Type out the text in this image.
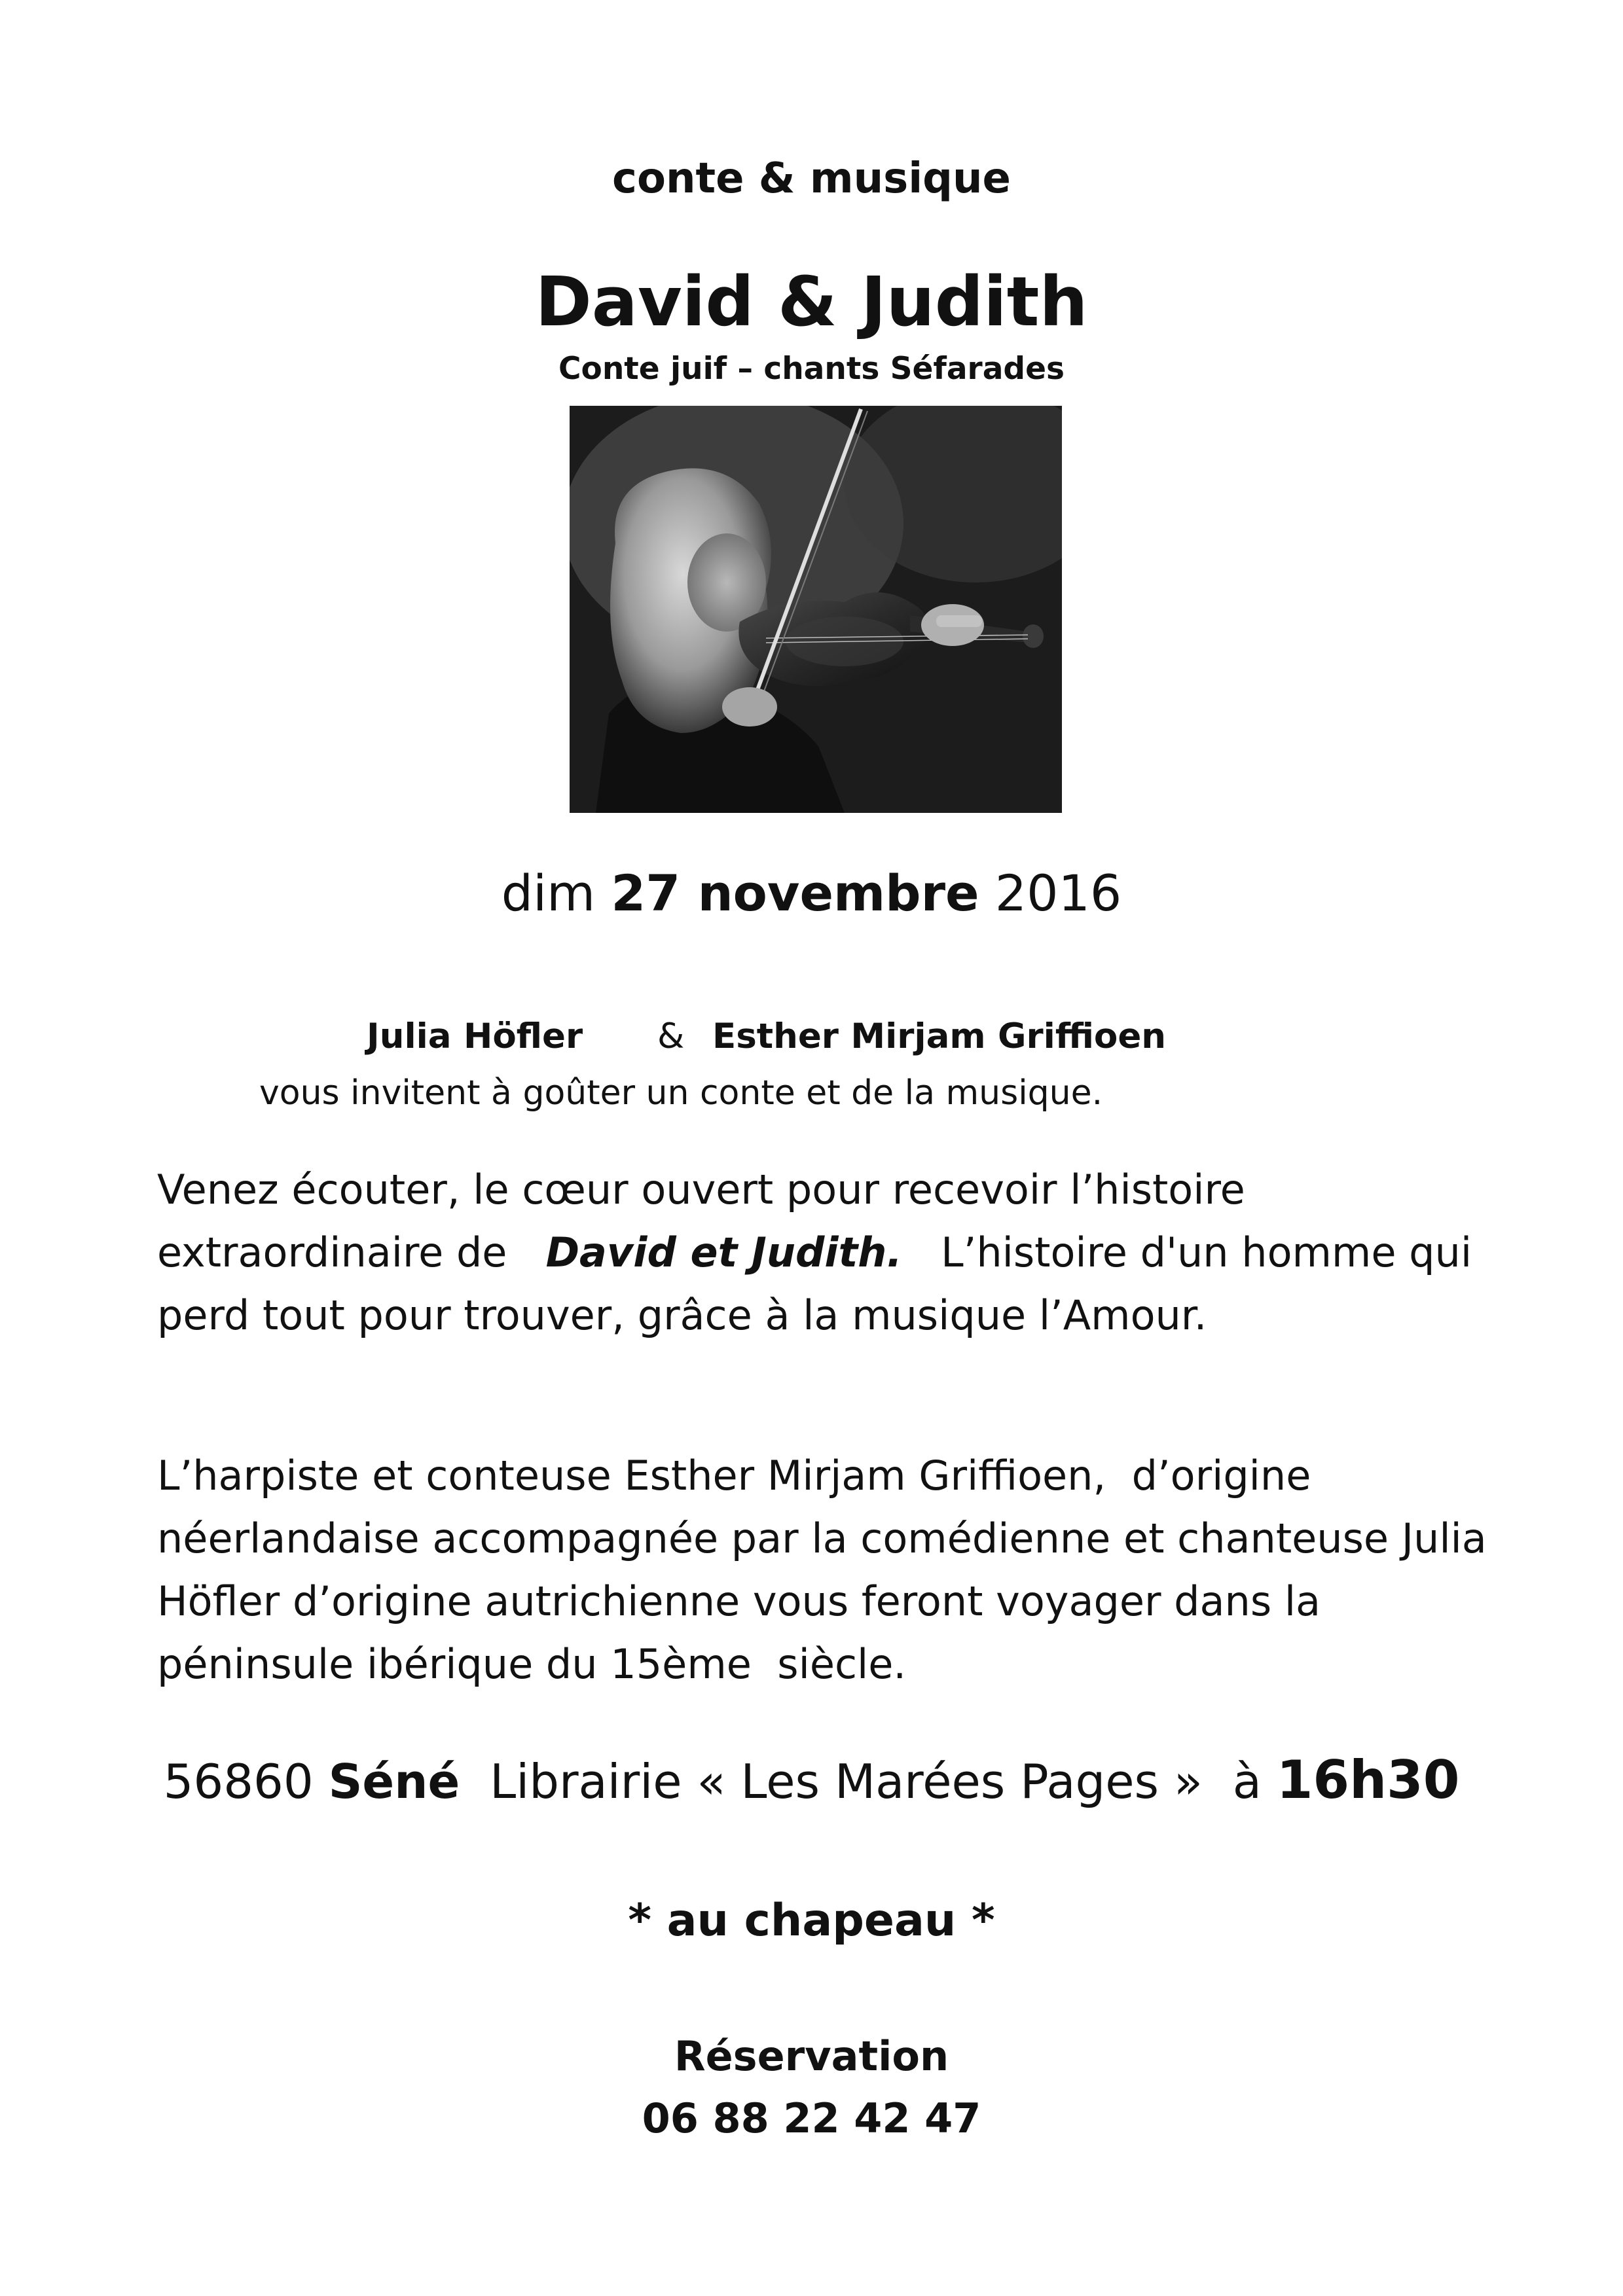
conte & musique
David & Judith
Conte juif – chants Séfarades
dim 27 novembre 2016
Julia Höfler & Esther Mirjam Griffioen
vous invitent à goûter un conte et de la musique.
Venez écouter, le cœur ouvert pour recevoir l’histoire
extraordinaire de   David et Judith.   L’histoire d'un homme qui
perd tout pour trouver, grâce à la musique l’Amour.
L’harpiste et conteuse Esther Mirjam Griffioen,  d’origine
néerlandaise accompagnée par la comédienne et chanteuse Julia
Höfler d’origine autrichienne vous feront voyager dans la
péninsule ibérique du 15ème  siècle.
56860 Séné Librairie « Les Marées Pages » à 16h30
* au chapeau *
Réservation
06 88 22 42 47
